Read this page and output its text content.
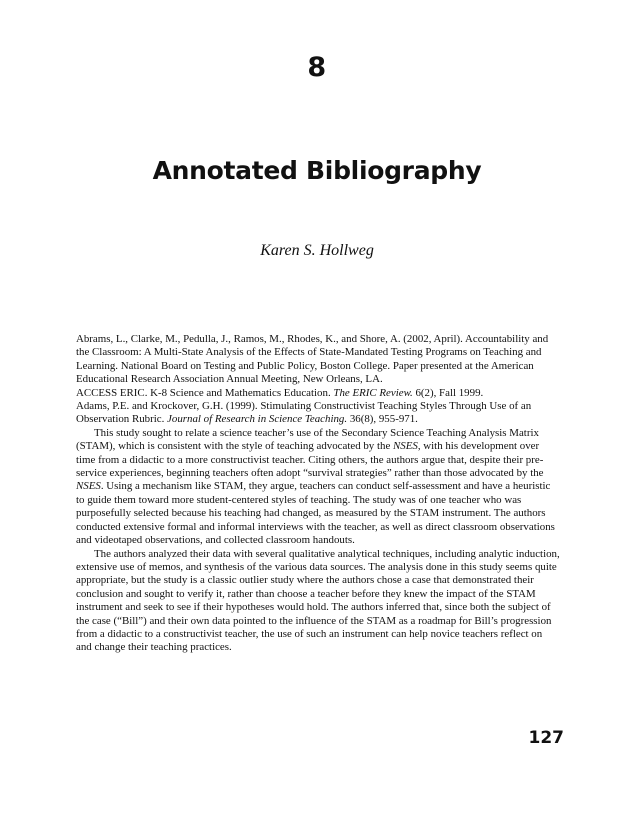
8
Annotated Bibliography
Karen S. Hollweg

Abrams, L., Clarke, M., Pedulla, J., Ramos, M., Rhodes, K., and Shore, A. (2002, April). Accountability and the Classroom: A Multi-State Analysis of the Effects of State-Mandated Testing Programs on Teaching and Learning. National Board on Testing and Public Policy, Boston College. Paper presented at the American Educational Research Association Annual Meeting, New Orleans, LA.

ACCESS ERIC. K-8 Science and Mathematics Education. The ERIC Review. 6(2), Fall 1999.

Adams, P.E. and Krockover, G.H. (1999). Stimulating Constructivist Teaching Styles Through Use of an Observation Rubric. Journal of Research in Science Teaching. 36(8), 955-971.

This study sought to relate a science teacher’s use of the Secondary Science Teaching Analysis Matrix (STAM), which is consistent with the style of teaching advocated by the NSES, with his development over time from a didactic to a more constructivist teacher. Citing others, the authors argue that, despite their pre-service experiences, beginning teachers often adopt “survival strategies” rather than those advocated by the NSES. Using a mechanism like STAM, they argue, teachers can conduct self-assessment and have a heuristic to guide them toward more student-centered styles of teaching. The study was of one teacher who was purposefully selected because his teaching had changed, as measured by the STAM instrument. The authors conducted extensive formal and informal interviews with the teacher, as well as direct classroom observations and videotaped observations, and collected classroom handouts.

The authors analyzed their data with several qualitative analytical techniques, including analytic induction, extensive use of memos, and synthesis of the various data sources. The analysis done in this study seems quite appropriate, but the study is a classic outlier study where the authors chose a case that demonstrated their conclusion and sought to verify it, rather than choose a teacher before they knew the impact of the STAM instrument and seek to see if their hypotheses would hold. The authors inferred that, since both the subject of the case (“Bill”) and their own data pointed to the influence of the STAM as a roadmap for Bill’s progression from a didactic to a constructivist teacher, the use of such an instrument can help novice teachers reflect on and change their teaching practices.

127
